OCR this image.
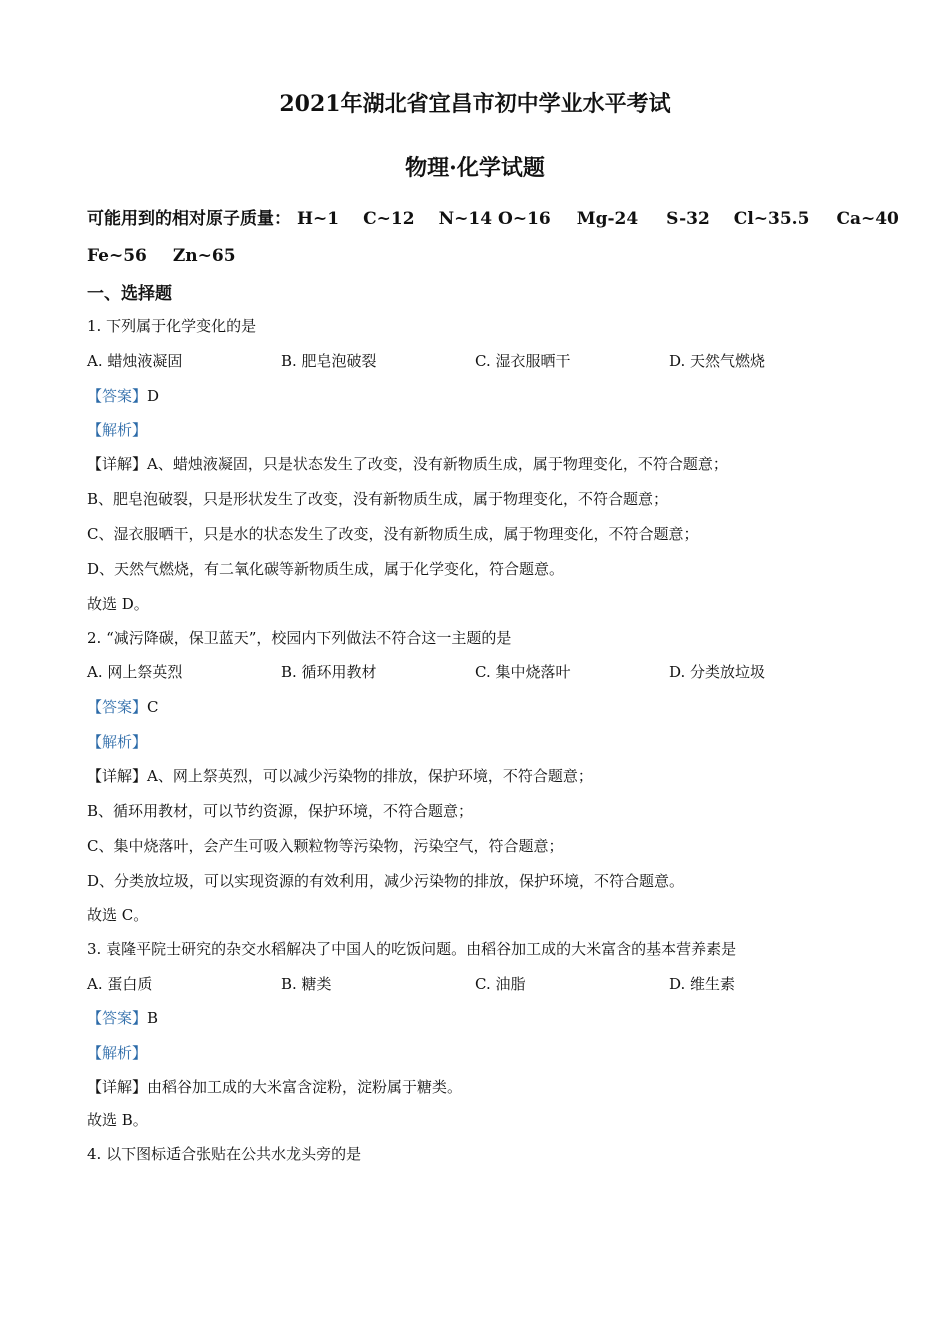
2021年湖北省宜昌市初中学业水平考试
物理·化学试题
可能用到的相对原子质量： H~1 C~12 N~14 O~16 Mg-24 S-32 Cl~35.5 Ca~40
Fe~56 Zn~65
一、选择题
1. 下列属于化学变化的是
A. 蜡烛液凝固	B. 肥皂泡破裂	C. 湿衣服晒干	D. 天然气燃烧
【答案】D
【解析】
【详解】A、蜡烛液凝固，只是状态发生了改变，没有新物质生成，属于物理变化，不符合题意；
B、肥皂泡破裂，只是形状发生了改变，没有新物质生成，属于物理变化，不符合题意；
C、湿衣服晒干，只是水的状态发生了改变，没有新物质生成，属于物理变化，不符合题意；
D、天然气燃烧，有二氧化碳等新物质生成，属于化学变化，符合题意。
故选 D。
2. “减污降碳，保卫蓝天”，校园内下列做法不符合这一主题的是
A. 网上祭英烈	B. 循环用教材	C. 集中烧落叶	D. 分类放垃圾
【答案】C
【解析】
【详解】A、网上祭英烈，可以减少污染物的排放，保护环境，不符合题意；
B、循环用教材，可以节约资源，保护环境，不符合题意；
C、集中烧落叶，会产生可吸入颗粒物等污染物，污染空气，符合题意；
D、分类放垃圾，可以实现资源的有效利用，减少污染物的排放，保护环境，不符合题意。
故选 C。
3. 袁隆平院士研究的杂交水稻解决了中国人的吃饭问题。由稻谷加工成的大米富含的基本营养素是
A. 蛋白质	B. 糖类	C. 油脂	D. 维生素
【答案】B
【解析】
【详解】由稻谷加工成的大米富含淀粉，淀粉属于糖类。
故选 B。
4. 以下图标适合张贴在公共水龙头旁的是
